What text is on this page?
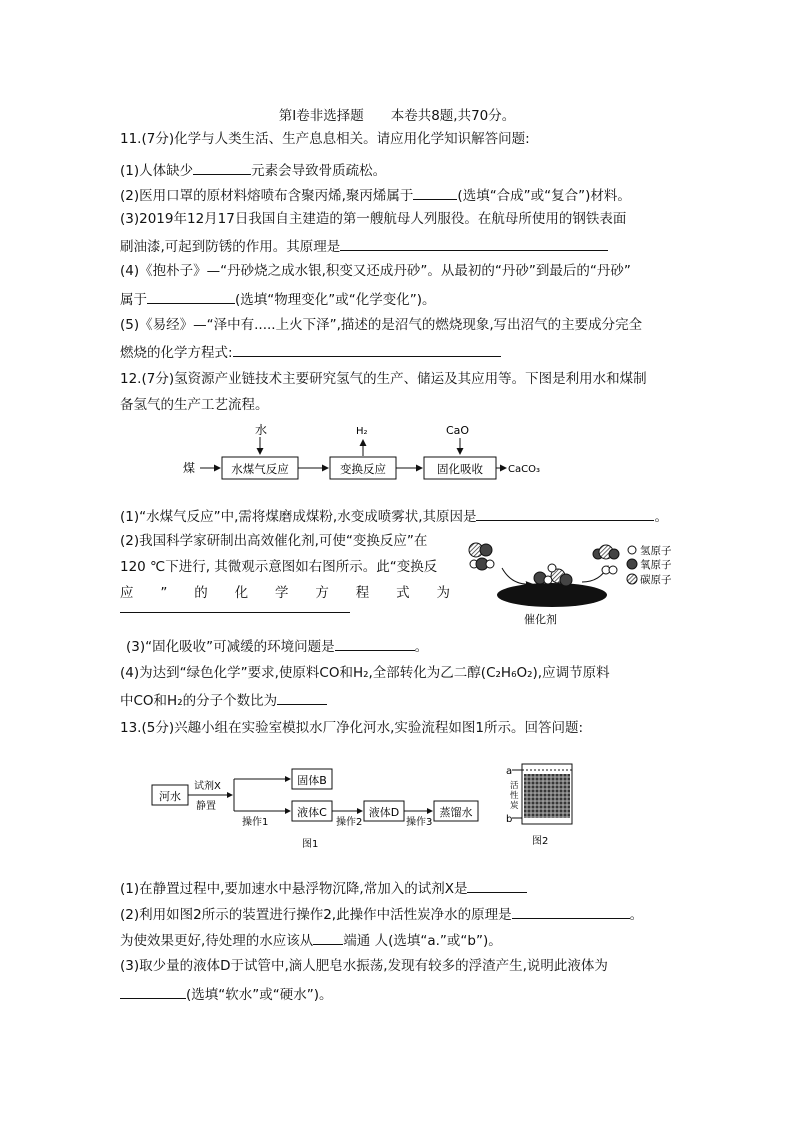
第Ⅰ卷非选择题　　本卷共8题,共70分。
11.(7分)化学与人类生活、生产息息相关。请应用化学知识解答问题:
(1)人体缺少	元素会导致骨质疏松。
(2)医用口罩的原材料熔喷布含聚丙烯,聚丙烯属于	(选填“合成”或“复合”)材料。
(3)2019年12月17日我国自主建造的第一艘航母人列服役。在航母所使用的钢铁表面
刷油漆,可起到防锈的作用。其原理是
(4)《抱朴子》—“丹砂烧之成水银,积变又还成丹砂”。从最初的“丹砂”到最后的“丹砂”
属于	(选填“物理变化”或“化学变化”)。
(5)《易经》—“泽中有.....上火下泽”,描述的是沼气的燃烧现象,写出沼气的主要成分完全
燃烧的化学方程式:
12.(7分)氢资源产业链技术主要研究氢气的生产、储运及其应用等。下图是利用水和煤制
备氢气的生产工艺流程。
水
煤	水煤气反应	变换反应
H₂
固化吸收
CaO
CaCO₃
(1)“水煤气反应”中,需将煤磨成煤粉,水变成喷雾状,其原因是	。
(2)我国科学家研制出高效催化剂,可使“变换反应”在
120 ℃下进行, 其微观示意图如右图所示。此“变换反
应 ” 的 化 学 方 程 式 为
催化剂
氢原子
氧原子
碳原子
(3)“固化吸收”可减缓的环境问题是	。
(4)为达到“绿色化学”要求,使原料CO和H₂,全部转化为乙二醇(C₂H₆O₂),应调节原料
中CO和H₂的分子个数比为
13.(5分)兴趣小组在实验室模拟水厂净化河水,实验流程如图1所示。回答问题:
河水
试剂X
静置
操作1
固体B
液体C
操作2
液体D
操作3
蒸馏水
图1
a
活
性
炭
b
图2
(1)在静置过程中,要加速水中悬浮物沉降,常加入的试剂X是
(2)利用如图2所示的装置进行操作2,此操作中活性炭净水的原理是	。
为使效果更好,待处理的水应该从 端通 人(选填“a.”或“b”)。
(3)取少量的液体D于试管中,滴人肥皂水振荡,发现有较多的浮渣产生,说明此液体为
(选填“软水”或“硬水”)。
